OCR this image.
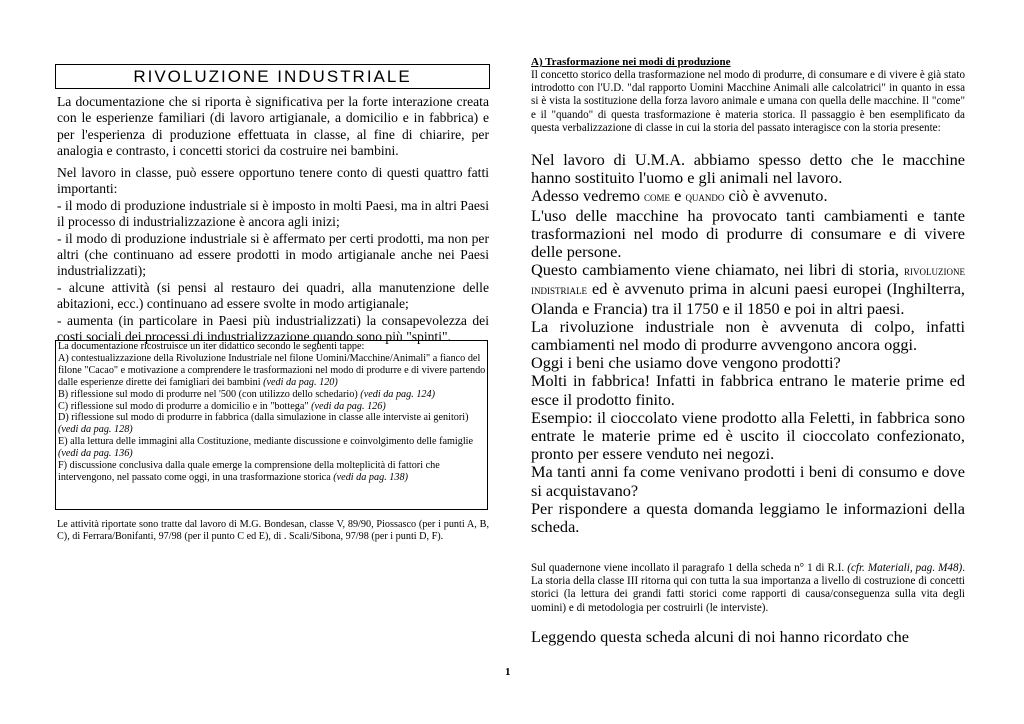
RIVOLUZIONE INDUSTRIALE
La documentazione che si riporta è significativa per la forte interazione creata con le esperienze familiari (di lavoro artigianale, a domicilio e in fabbrica) e per l'esperienza di produzione effettuata in classe, al fine di chiarire, per analogia e contrasto, i concetti storici da costruire nei bambini.
Nel lavoro in classe, può essere opportuno tenere conto di questi quattro fatti importanti:
- il modo di produzione industriale si è imposto in molti Paesi, ma in altri Paesi il processo di industrializzazione è ancora agli inizi;
- il modo di produzione industriale si è affermato per certi prodotti, ma non per altri (che continuano ad essere prodotti in modo artigianale anche nei Paesi industrializzati);
- alcune attività (si pensi al restauro dei quadri, alla manutenzione delle abitazioni, ecc.) continuano ad essere svolte in modo artigianale;
- aumenta (in particolare in Paesi più industrializzati) la consapevolezza dei costi sociali dei processi di industrializzazione quando sono più "spinti".
La documentazione ricostruisce un iter didattico secondo le seguenti tappe:
A) contestualizzazione della Rivoluzione Industriale nel filone Uomini/Macchine/Animali" a fianco del filone "Cacao" e motivazione a comprendere le trasformazioni nel modo di produrre e di vivere partendo dalle esperienze dirette dei famigliari dei bambini (vedi da pag. 120)
B) riflessione sul modo di produrre nel '500 (con utilizzo dello schedario) (vedi da pag. 124)
C) riflessione sul modo di produrre a domicilio e in "bottega" (vedi da pag. 126)
D) riflessione sul modo di produrre in fabbrica (dalla simulazione in classe alle interviste ai genitori) (vedi da pag. 128)
E) alla lettura delle immagini alla Costituzione, mediante discussione e coinvolgimento delle famiglie (vedi da pag. 136)
F) discussione conclusiva dalla quale emerge la comprensione della molteplicità di fattori che intervengono, nel passato come oggi, in una trasformazione storica (vedi da pag. 138)
Le attività riportate sono tratte dal lavoro di M.G. Bondesan, classe V, 89/90, Piossasco (per i punti A, B, C), di Ferrara/Bonifanti, 97/98 (per il punto C ed E), di . Scali/Sibona, 97/98 (per i punti D, F).
A) Trasformazione nei modi di produzione
Il concetto storico della trasformazione nel modo di produrre, di consumare e di vivere è già stato introdotto con l'U.D. "dal rapporto Uomini Macchine Animali alle calcolatrici" in quanto in essa si è vista la sostituzione della forza lavoro animale e umana con quella delle macchine. Il "come" e il "quando" di questa trasformazione è materia storica. Il passaggio è ben esemplificato da questa verbalizzazione di classe in cui la storia del passato interagisce con la storia presente:
Nel lavoro di U.M.A. abbiamo spesso detto che le macchine hanno sostituito l'uomo e gli animali nel lavoro.
Adesso vedremo come e quando ciò è avvenuto.
L'uso delle macchine ha provocato tanti cambiamenti e tante trasformazioni nel modo di produrre di consumare e di vivere delle persone.
Questo cambiamento viene chiamato, nei libri di storia, rivoluzione indistriale ed è avvenuto prima in alcuni paesi europei (Inghilterra, Olanda e Francia) tra il 1750 e il 1850 e poi in altri paesi.
La rivoluzione industriale non è avvenuta di colpo, infatti cambiamenti nel modo di produrre avvengono ancora oggi.
Oggi i beni che usiamo dove vengono prodotti?
Molti in fabbrica! Infatti in fabbrica entrano le materie prime ed esce il prodotto finito.
Esempio: il cioccolato viene prodotto alla Feletti, in fabbrica sono entrate le materie prime ed è uscito il cioccolato confezionato, pronto per essere venduto nei negozi.
Ma tanti anni fa come venivano prodotti i beni di consumo e dove si acquistavano?
Per rispondere a questa domanda leggiamo le informazioni della scheda.
Sul quadernone viene incollato il paragrafo 1 della scheda n° 1 di R.I. (cfr. Materiali, pag. M48). La storia della classe III ritorna qui con tutta la sua importanza a livello di costruzione di concetti storici (la lettura dei grandi fatti storici come rapporti di causa/conseguenza sulla vita degli uomini) e di metodologia per costruirli (le interviste).
Leggendo questa scheda alcuni di noi hanno ricordato che
1
